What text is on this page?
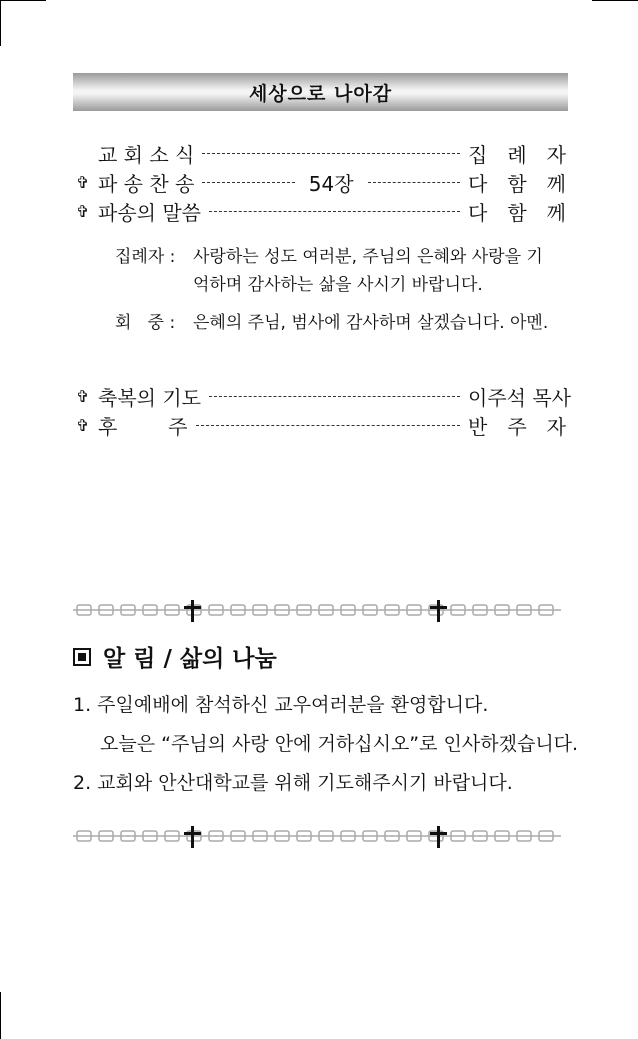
세상으로 나아감
교 회 소 식	집 례 자
✞ 파 송 찬 송	54장	다 함 께
✞ 파송의 말씀	다 함 께
집례자 :	사랑하는 성도 여러분, 주님의 은혜와 사랑을 기억하며 감사하는 삶을 사시기 바랍니다.
회   중 :	은혜의 주님, 범사에 감사하며 살겠습니다. 아멘.
✞ 축복의 기도	이주석 목사
✞ 후        주	반 주 자
알 림 / 삶의 나눔
1. 주일예배에 참석하신 교우여러분을 환영합니다.
오늘은 “주님의 사랑 안에 거하십시오”로 인사하겠습니다.
2. 교회와 안산대학교를 위해 기도해주시기 바랍니다.
